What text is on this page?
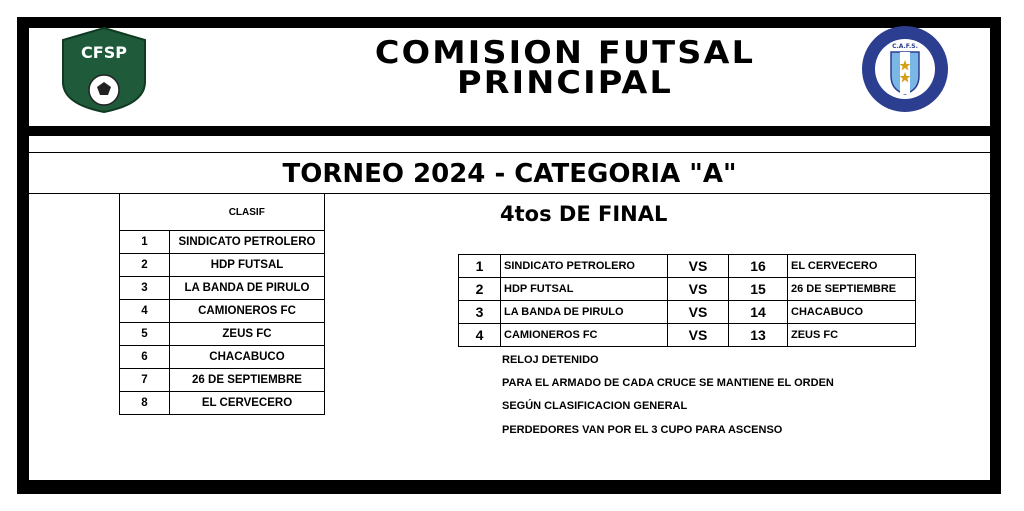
CFSP	COMISION FUTSAL
PRINCIPAL
C.A.F.S.
TORNEO 2024 - CATEGORIA "A"
4tos DE FINAL
	CLASIF
1	SINDICATO PETROLERO
2	HDP FUTSAL
3	LA BANDA DE PIRULO
4	CAMIONEROS FC
5	ZEUS FC
6	CHACABUCO
7	26 DE SEPTIEMBRE
8	EL CERVECERO
1	SINDICATO PETROLERO	VS	16	EL CERVECERO
2	HDP FUTSAL	VS	15	26 DE SEPTIEMBRE
3	LA BANDA DE PIRULO	VS	14	CHACABUCO
4	CAMIONEROS FC	VS	13	ZEUS FC
RELOJ DETENIDO
PARA EL ARMADO DE CADA CRUCE SE MANTIENE EL ORDEN
SEGÚN CLASIFICACION GENERAL
PERDEDORES VAN POR EL 3 CUPO PARA ASCENSO
